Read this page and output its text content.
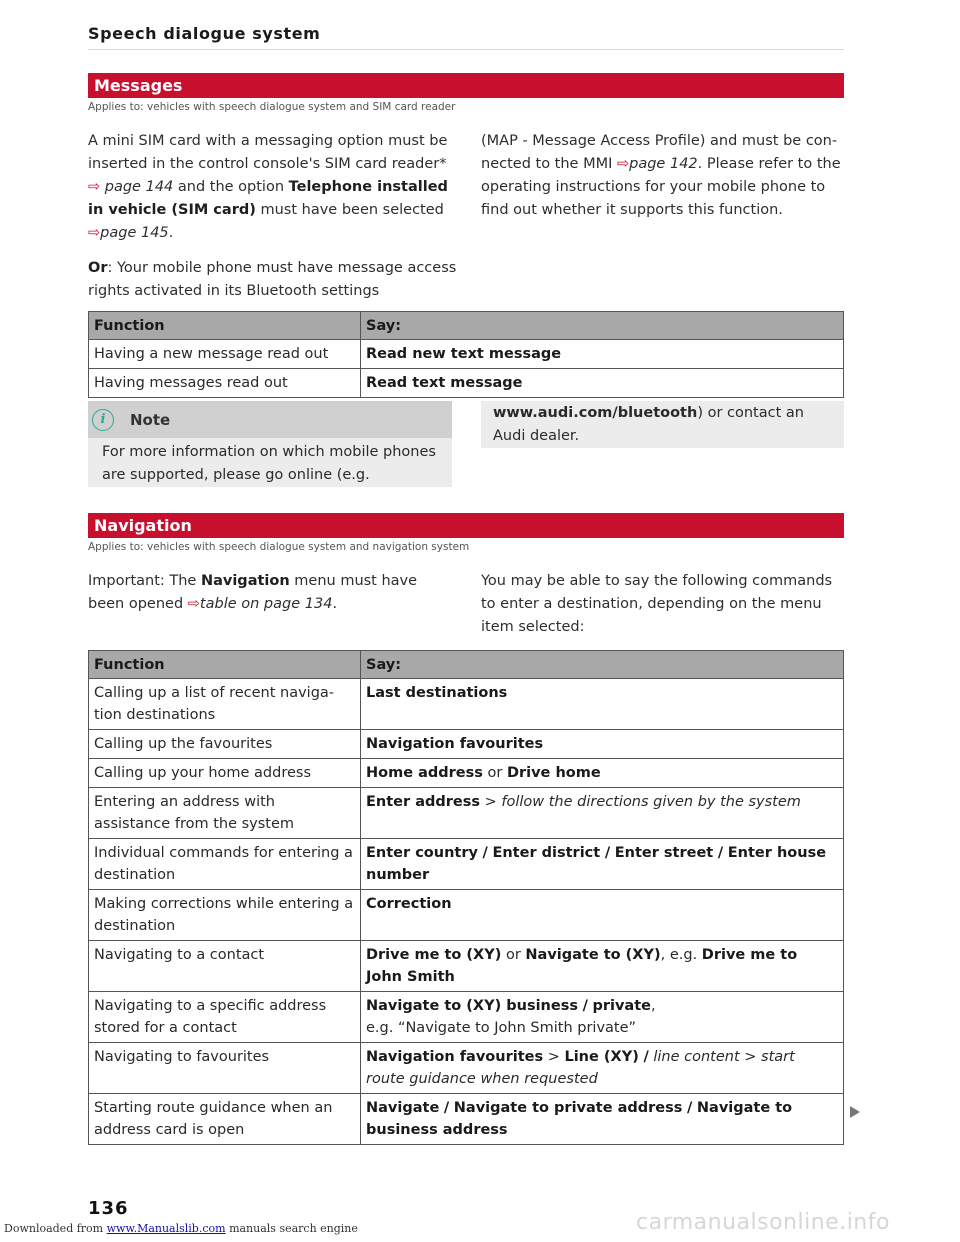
Speech dialogue system
Messages
Applies to: vehicles with speech dialogue system and SIM card reader

A mini SIM card with a messaging option must be inserted in the control console's SIM card reader*
⇨ page 144 and the option Telephone installed in vehicle (SIM card) must have been selected
⇨page 145.

Or: Your mobile phone must have message access rights activated in its Bluetooth settings

(MAP - Message Access Profile) and must be connected to the MMI ⇨page 142. Please refer to the operating instructions for your mobile phone to find out whether it supports this function.

Function	Say:
Having a new message read out	Read new text message
Having messages read out	Read text message
i	Note
For more information on which mobile phones are supported, please go online (e.g.
www.audi.com/bluetooth) or contact an Audi dealer.
Navigation
Applies to: vehicles with speech dialogue system and navigation system

Important: The Navigation menu must have been opened ⇨table on page 134.

You may be able to say the following commands to enter a destination, depending on the menu item selected:

Function	Say:
Calling up a list of recent navigation destinations	Last destinations
Calling up the favourites	Navigation favourites
Calling up your home address	Home address or Drive home
Entering an address with assistance from the system	Enter address > follow the directions given by the system
Individual commands for entering a destination	Enter country / Enter district / Enter street / Enter house number
Making corrections while entering a destination	Correction
Navigating to a contact	Drive me to (XY) or Navigate to (XY), e.g. Drive me to John Smith
Navigating to a specific address stored for a contact	Navigate to (XY) business / private,
e.g. “Navigate to John Smith private”
Navigating to favourites	Navigation favourites > Line (XY) / line content > start route guidance when requested
Starting route guidance when an address card is open	Navigate / Navigate to private address / Navigate to business address
136
Downloaded from www.Manualslib.com manuals search engine	carmanualsonline.info
